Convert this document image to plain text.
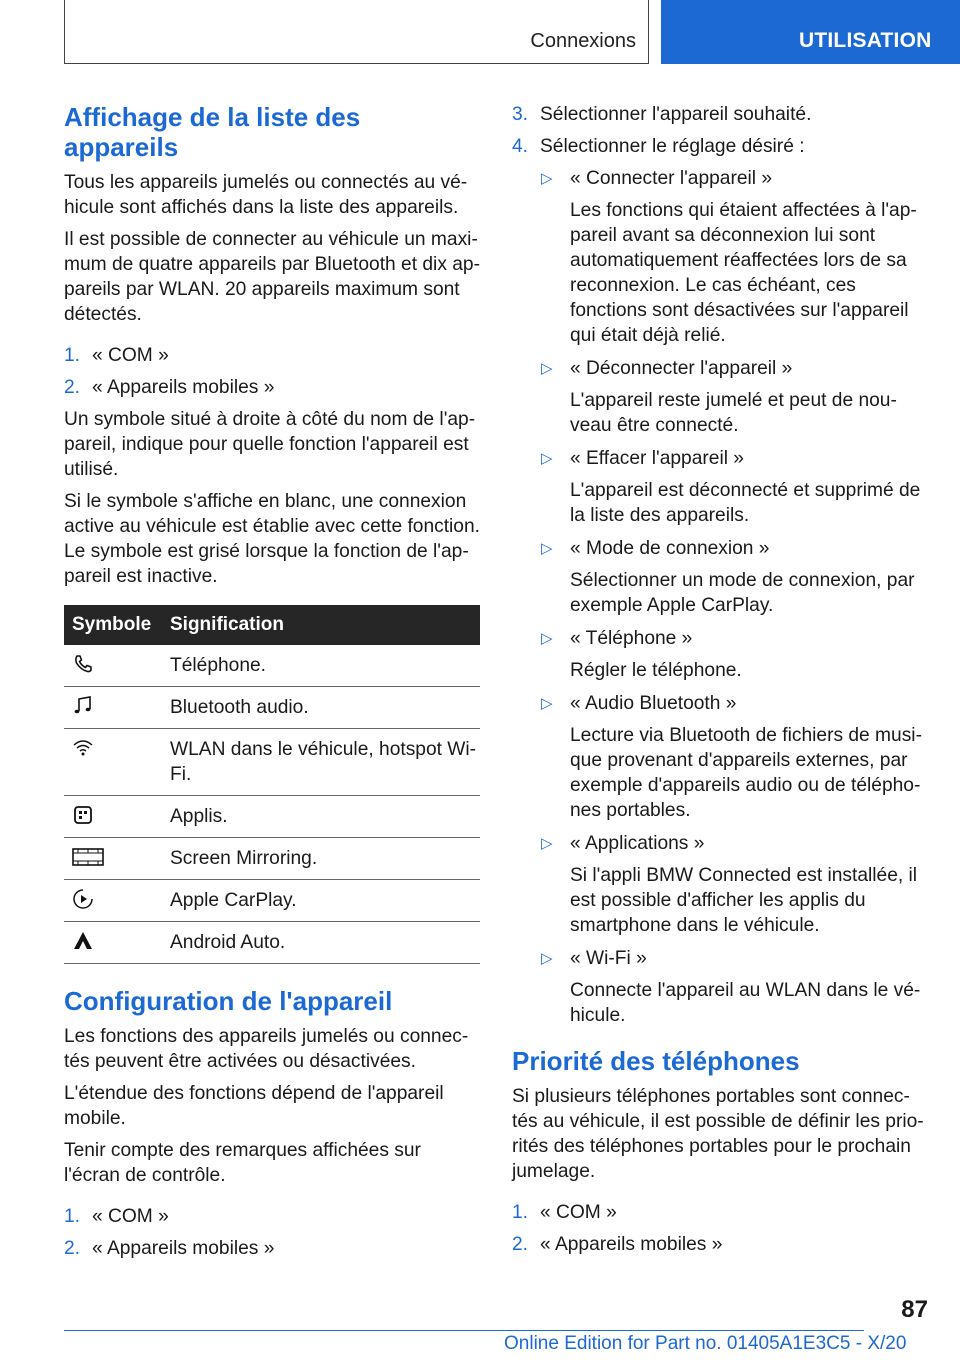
Connexions	UTILISATION
Affichage de la liste des appareils

Tous les appareils jumelés ou connectés au véhicule sont affichés dans la liste des appareils.

Il est possible de connecter au véhicule un maximum de quatre appareils par Bluetooth et dix appareils par WLAN. 20 appareils maximum sont détectés.

1. « COM »
2. « Appareils mobiles »

Un symbole situé à droite à côté du nom de l'appareil, indique pour quelle fonction l'appareil est utilisé.

Si le symbole s'affiche en blanc, une connexion active au véhicule est établie avec cette fonction. Le symbole est grisé lorsque la fonction de l'appareil est inactive.

Symbole Signification
Téléphone.
Bluetooth audio.
WLAN dans le véhicule, hotspot Wi-Fi.
Applis.
Screen Mirroring.
Apple CarPlay.
Android Auto.
Configuration de l'appareil

Les fonctions des appareils jumelés ou connectés peuvent être activées ou désactivées.

L'étendue des fonctions dépend de l'appareil mobile.

Tenir compte des remarques affichées sur l'écran de contrôle.

1. « COM »
2. « Appareils mobiles »
3. Sélectionner l'appareil souhaité.
4. Sélectionner le réglage désiré :
▷ « Connecter l'appareil »
Les fonctions qui étaient affectées à l'appareil avant sa déconnexion lui sont automatiquement réaffectées lors de sa reconnexion. Le cas échéant, ces fonctions sont désactivées sur l'appareil qui était déjà relié.
▷ « Déconnecter l'appareil »
L'appareil reste jumelé et peut de nouveau être connecté.
▷ « Effacer l'appareil »
L'appareil est déconnecté et supprimé de la liste des appareils.
▷ « Mode de connexion »
Sélectionner un mode de connexion, par exemple Apple CarPlay.
▷ « Téléphone »
Régler le téléphone.
▷ « Audio Bluetooth »
Lecture via Bluetooth de fichiers de musique provenant d'appareils externes, par exemple d'appareils audio ou de téléphones portables.
▷ « Applications »
Si l'appli BMW Connected est installée, il est possible d'afficher les applis du smartphone dans le véhicule.
▷ « Wi-Fi »
Connecte l'appareil au WLAN dans le véhicule.
Priorité des téléphones

Si plusieurs téléphones portables sont connectés au véhicule, il est possible de définir les priorités des téléphones portables pour le prochain jumelage.

1. « COM »
2. « Appareils mobiles »
87
Online Edition for Part no. 01405A1E3C5 - X/20
